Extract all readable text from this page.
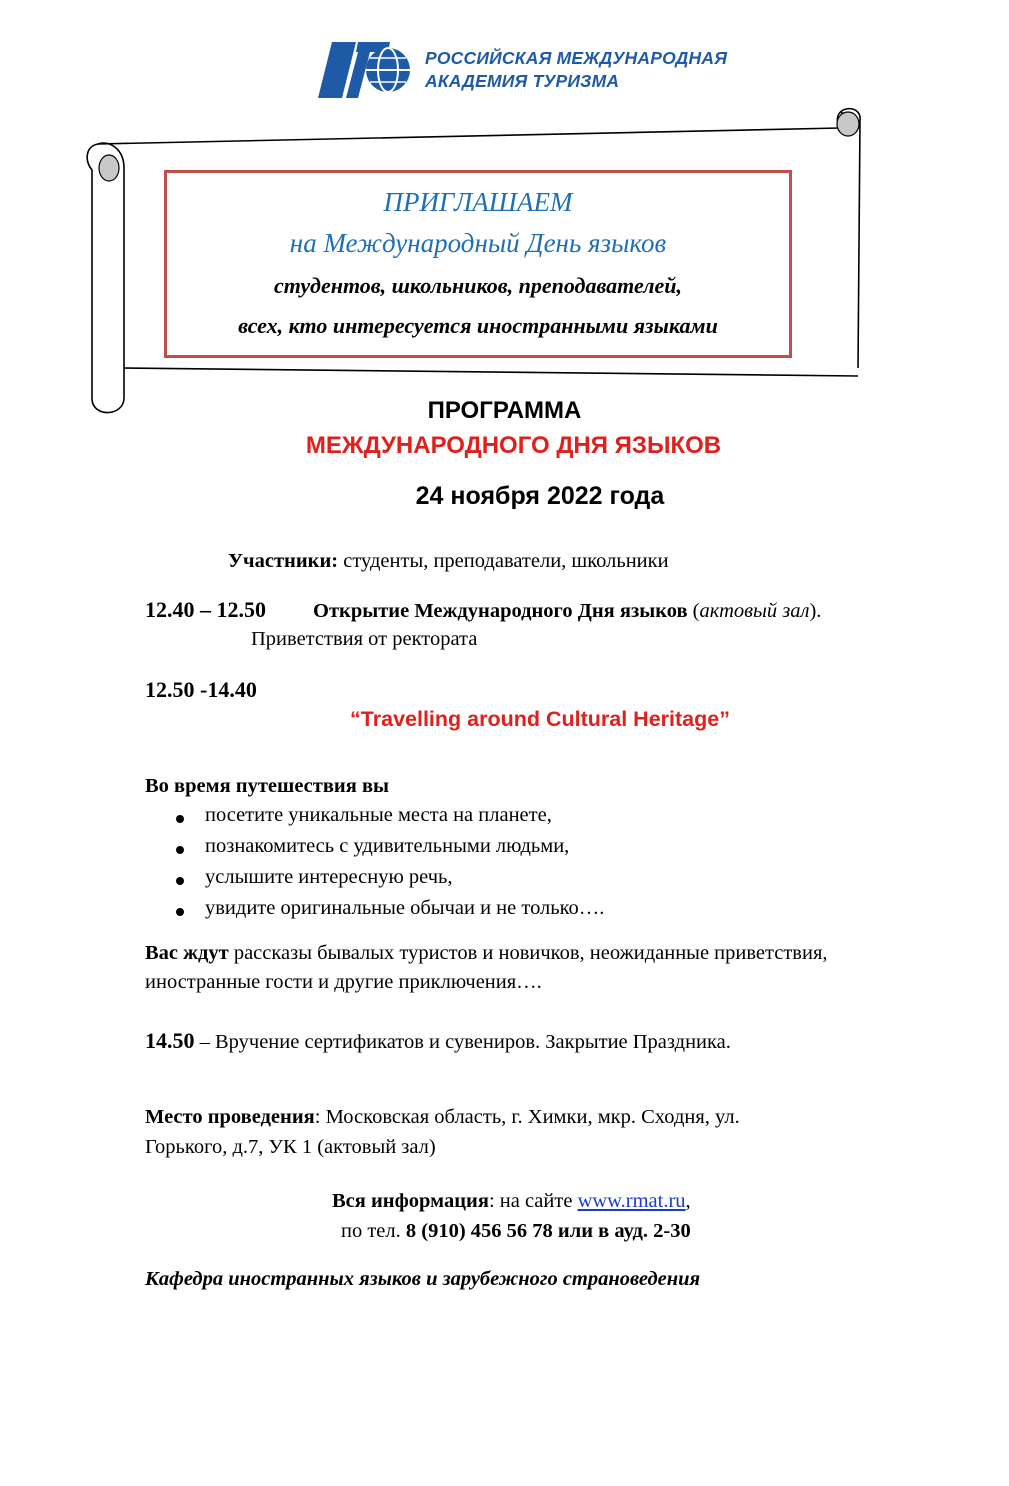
РОССИЙСКАЯ МЕЖДУНАРОДНАЯ
АКАДЕМИЯ ТУРИЗМА
ПРИГЛАШАЕМ
на Международный День языков
студентов, школьников, преподавателей,
всех, кто интересуется иностранными языками
ПРОГРАММА
МЕЖДУНАРОДНОГО ДНЯ ЯЗЫКОВ
24 ноября 2022 года
Участники: студенты, преподаватели, школьники
12.40 – 12.50 Открытие Международного Дня языков (актовый зал).
Приветствия от ректората
12.50 -14.40
“Travelling around Cultural Heritage”
Во время путешествия вы
посетите уникальные места на планете,
познакомитесь с удивительными людьми,
услышите интересную речь,
увидите оригинальные обычаи и не только….
Вас ждут рассказы бывалых туристов и новичков, неожиданные приветствия,
иностранные гости и другие приключения….
14.50 – Вручение сертификатов и сувениров. Закрытие Праздника.
Место проведения: Московская область, г. Химки, мкр. Сходня, ул.
Горького, д.7, УК 1 (актовый зал)
Вся информация: на сайте www.rmat.ru,
по тел. 8 (910) 456 56 78 или в ауд. 2-30
Кафедра иностранных языков и зарубежного страноведения
